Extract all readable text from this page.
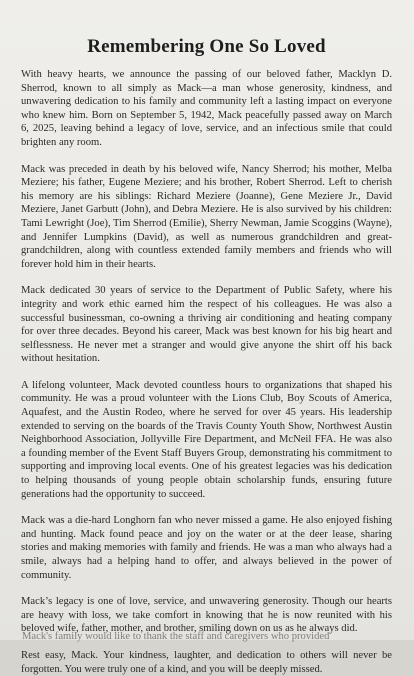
Remembering One So Loved

With heavy hearts, we announce the passing of our beloved father, Macklyn D. Sherrod, known to all simply as Mack—a man whose generosity, kindness, and unwavering dedication to his family and community left a lasting impact on everyone who knew him. Born on September 5, 1942, Mack peacefully passed away on March 6, 2025, leaving behind a legacy of love, service, and an infectious smile that could brighten any room.

Mack was preceded in death by his beloved wife, Nancy Sherrod; his mother, Melba Meziere; his father, Eugene Meziere; and his brother, Robert Sherrod. Left to cherish his memory are his siblings: Richard Meziere (Joanne), Gene Meziere Jr., David Meziere, Janet Garbutt (John), and Debra Meziere. He is also survived by his children: Tami Lewright (Joe), Tim Sherrod (Emilie), Sherry Newman, Jamie Scoggins (Wayne), and Jennifer Lumpkins (David), as well as numerous grandchildren and great-grandchildren, along with countless extended family members and friends who will forever hold him in their hearts.

Mack dedicated 30 years of service to the Department of Public Safety, where his integrity and work ethic earned him the respect of his colleagues. He was also a successful businessman, co-owning a thriving air conditioning and heating company for over three decades. Beyond his career, Mack was best known for his big heart and selflessness. He never met a stranger and would give anyone the shirt off his back without hesitation.

A lifelong volunteer, Mack devoted countless hours to organizations that shaped his community. He was a proud volunteer with the Lions Club, Boy Scouts of America, Aquafest, and the Austin Rodeo, where he served for over 45 years. His leadership extended to serving on the boards of the Travis County Youth Show, Northwest Austin Neighborhood Association, Jollyville Fire Department, and McNeil FFA. He was also a founding member of the Event Staff Buyers Group, demonstrating his commitment to supporting and improving local events. One of his greatest legacies was his dedication to helping thousands of young people obtain scholarship funds, ensuring future generations had the opportunity to succeed.

Mack was a die-hard Longhorn fan who never missed a game. He also enjoyed fishing and hunting. Mack found peace and joy on the water or at the deer lease, sharing stories and making memories with family and friends. He was a man who always had a smile, always had a helping hand to offer, and always believed in the power of community.

Mack’s legacy is one of love, service, and unwavering generosity. Though our hearts are heavy with loss, we take comfort in knowing that he is now reunited with his beloved wife, father, mother, and brother, smiling down on us as he always did.

Rest easy, Mack. Your kindness, laughter, and dedication to others will never be forgotten. You were truly one of a kind, and you will be deeply missed.

Mack's family would like to thank the staff and caregivers who provided
